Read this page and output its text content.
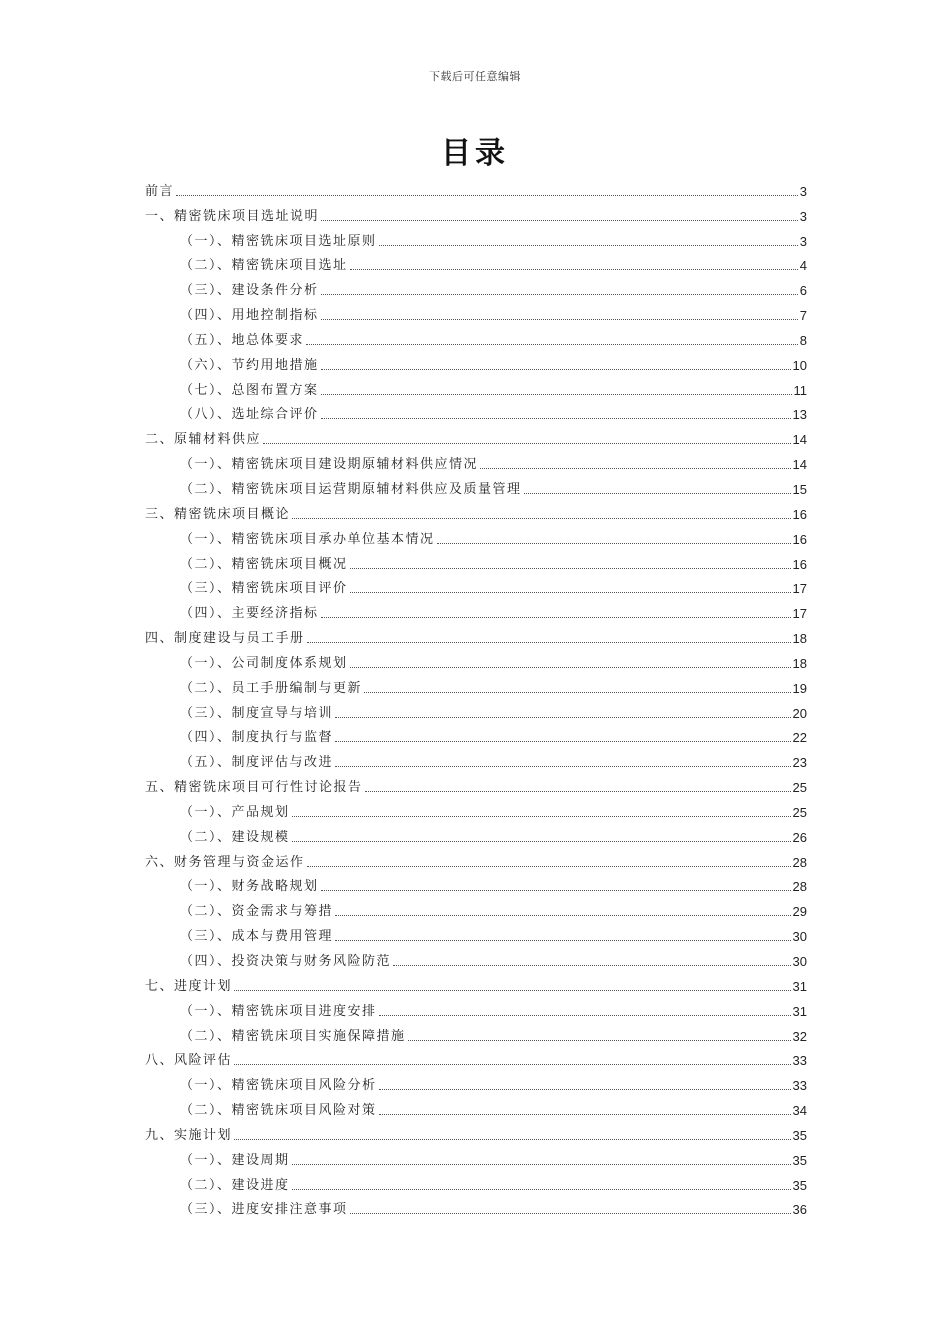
下载后可任意编辑
目录
前言	3
一、精密铣床项目选址说明	3
（一）、精密铣床项目选址原则	3
（二）、精密铣床项目选址	4
（三）、建设条件分析	6
（四）、用地控制指标	7
（五）、地总体要求	8
（六）、节约用地措施	10
（七）、总图布置方案	11
（八）、选址综合评价	13
二、原辅材料供应	14
（一）、精密铣床项目建设期原辅材料供应情况	14
（二）、精密铣床项目运营期原辅材料供应及质量管理	15
三、精密铣床项目概论	16
（一）、精密铣床项目承办单位基本情况	16
（二）、精密铣床项目概况	16
（三）、精密铣床项目评价	17
（四）、主要经济指标	17
四、制度建设与员工手册	18
（一）、公司制度体系规划	18
（二）、员工手册编制与更新	19
（三）、制度宣导与培训	20
（四）、制度执行与监督	22
（五）、制度评估与改进	23
五、精密铣床项目可行性讨论报告	25
（一）、产品规划	25
（二）、建设规模	26
六、财务管理与资金运作	28
（一）、财务战略规划	28
（二）、资金需求与筹措	29
（三）、成本与费用管理	30
（四）、投资决策与财务风险防范	30
七、进度计划	31
（一）、精密铣床项目进度安排	31
（二）、精密铣床项目实施保障措施	32
八、风险评估	33
（一）、精密铣床项目风险分析	33
（二）、精密铣床项目风险对策	34
九、实施计划	35
（一）、建设周期	35
（二）、建设进度	35
（三）、进度安排注意事项	36
